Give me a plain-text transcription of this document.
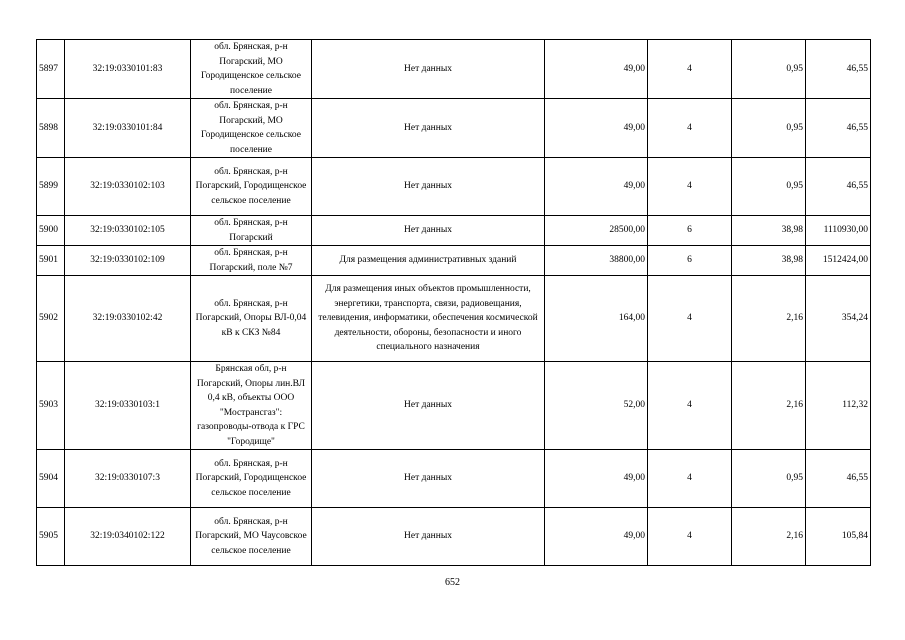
5897	32:19:0330101:83	обл. Брянская, р-н Погарский, МО Городищенское сельское поселение	Нет данных	49,00	4	0,95	46,55
5898	32:19:0330101:84	обл. Брянская, р-н Погарский, МО Городищенское сельское поселение	Нет данных	49,00	4	0,95	46,55
5899	32:19:0330102:103	обл. Брянская, р-н Погарский, Городищенское сельское поселение	Нет данных	49,00	4	0,95	46,55
5900	32:19:0330102:105	обл. Брянская, р-н Погарский	Нет данных	28500,00	6	38,98	1110930,00
5901	32:19:0330102:109	обл. Брянская, р-н Погарский, поле №7	Для размещения административных зданий	38800,00	6	38,98	1512424,00
5902	32:19:0330102:42	обл. Брянская, р-н Погарский, Опоры ВЛ-0,04 кВ к СКЗ №84	Для размещения иных объектов промышленности, энергетики, транспорта, связи, радиовещания, телевидения, информатики, обеспечения космической деятельности, обороны, безопасности и иного специального назначения	164,00	4	2,16	354,24
5903	32:19:0330103:1	Брянская обл, р-н Погарский, Опоры лин.ВЛ 0,4 кВ, объекты ООО "Мострансгаз": газопроводы-отвода к ГРС "Городище"	Нет данных	52,00	4	2,16	112,32
5904	32:19:0330107:3	обл. Брянская, р-н Погарский, Городищенское сельское поселение	Нет данных	49,00	4	0,95	46,55
5905	32:19:0340102:122	обл. Брянская, р-н Погарский, МО Чаусовское сельское поселение	Нет данных	49,00	4	2,16	105,84
652
